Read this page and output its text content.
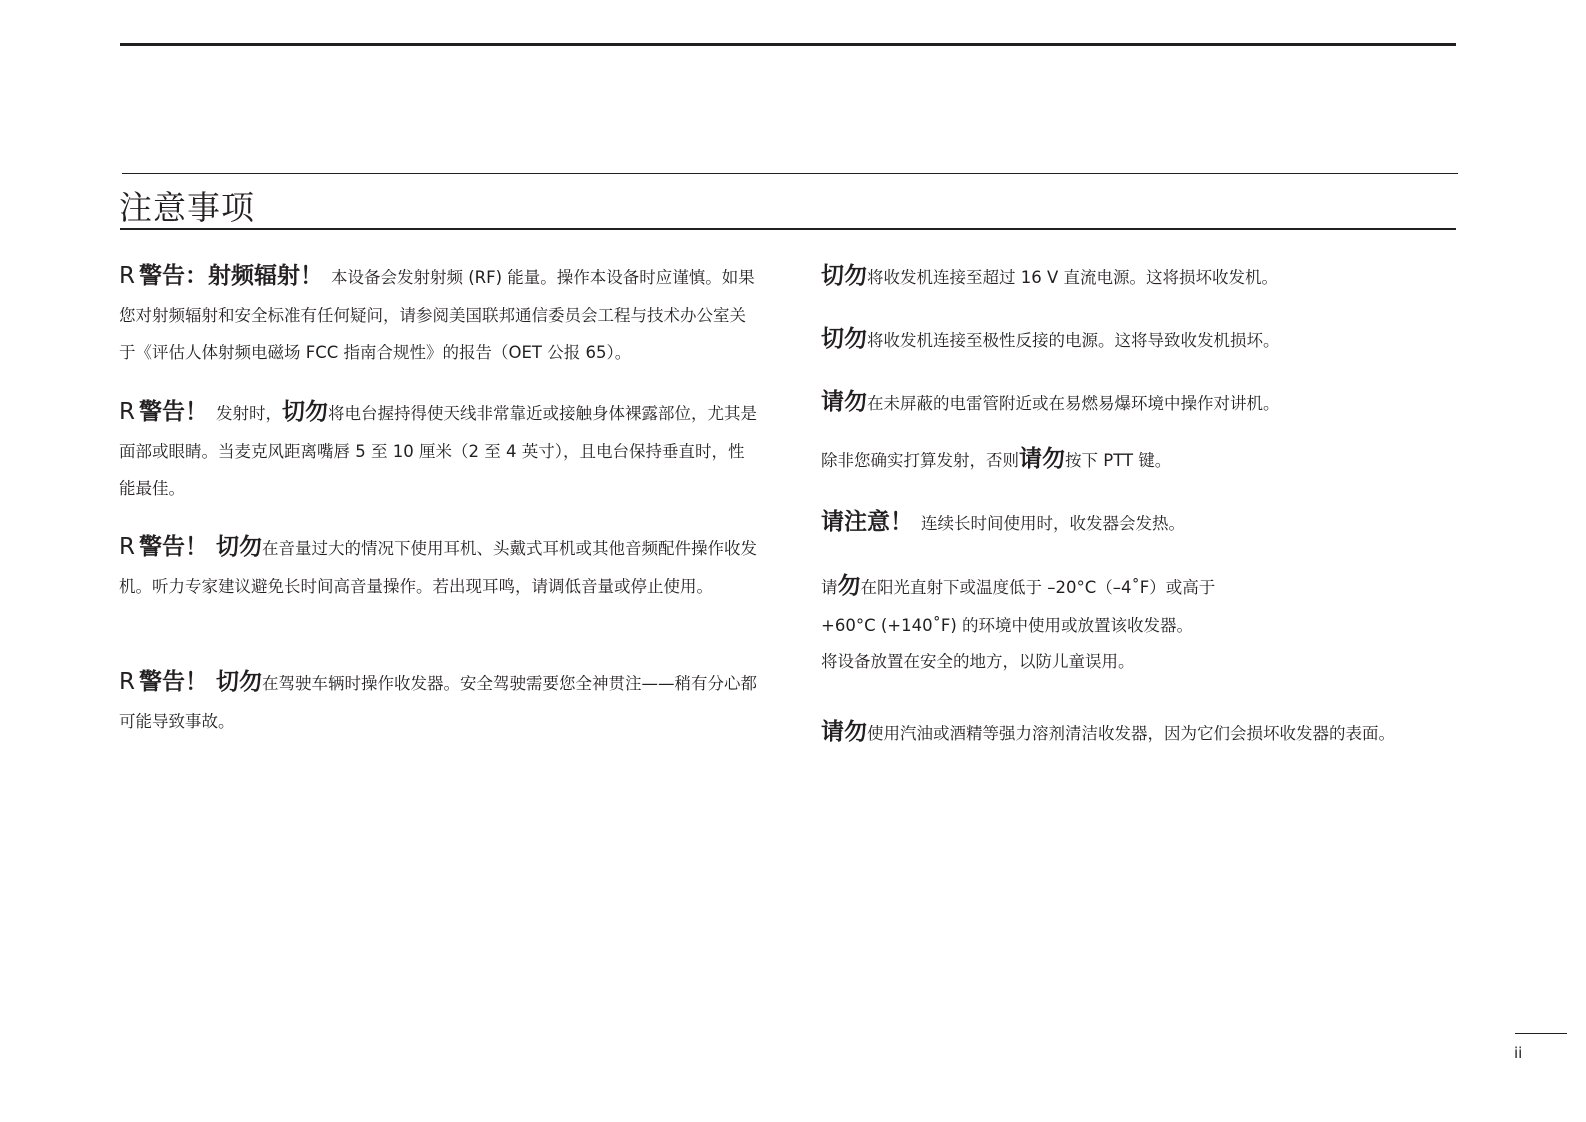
注意事项

R 警告：射频辐射！ 本设备会发射射频 (RF) 能量。操作本设备时应谨慎。如果您对射频辐射和安全标准有任何疑问，请参阅美国联邦通信委员会工程与技术办公室关于《评估人体射频电磁场 FCC 指南合规性》的报告（OET 公报 65）。

R 警告！ 发射时，切勿将电台握持得使天线非常靠近或接触身体裸露部位，尤其是面部或眼睛。当麦克风距离嘴唇 5 至 10 厘米（2 至 4 英寸），且电台保持垂直时，性能最佳。

R 警告！ 切勿在音量过大的情况下使用耳机、头戴式耳机或其他音频配件操作收发机。听力专家建议避免长时间高音量操作。若出现耳鸣，请调低音量或停止使用。

R 警告！ 切勿在驾驶车辆时操作收发器。安全驾驶需要您全神贯注——稍有分心都可能导致事故。

切勿将收发机连接至超过 16 V 直流电源。这将损坏收发机。
切勿将收发机连接至极性反接的电源。这将导致收发机损坏。
请勿在未屏蔽的电雷管附近或在易燃易爆环境中操作对讲机。
除非您确实打算发射，否则请勿按下 PTT 键。
请注意！ 连续长时间使用时，收发器会发热。
请勿在阳光直射下或温度低于 –20°C（–4˚F）或高于
+60°C (+140˚F) 的环境中使用或放置该收发器。
将设备放置在安全的地方，以防儿童误用。
请勿使用汽油或酒精等强力溶剂清洁收发器，因为它们会损坏收发器的表面。
ii
